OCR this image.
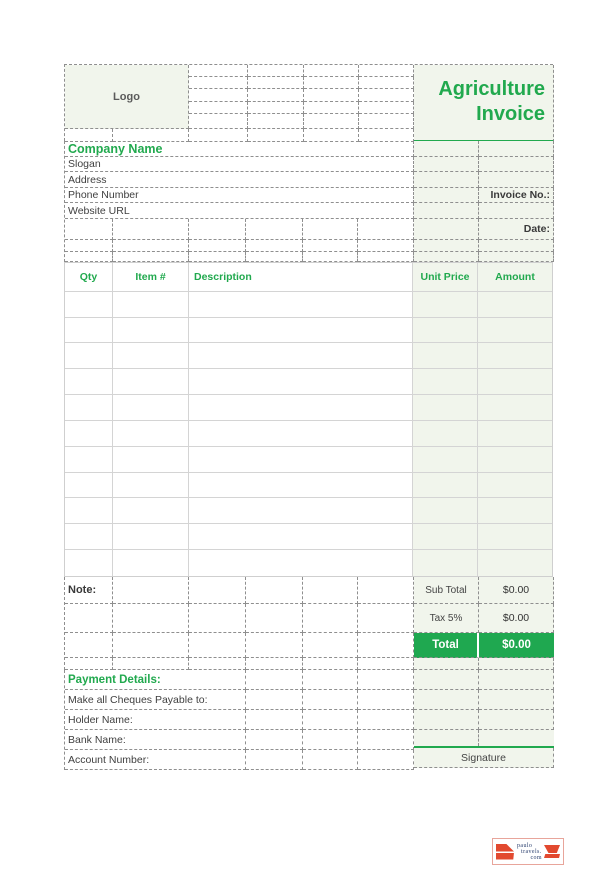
Logo	Agriculture
Invoice
Company Name
Slogan
Address
Phone Number
Website URL
Invoice No.:
Date:
Qty	Item #	Description	Unit Price	Amount
Note:	Sub Total	$0.00
Tax 5%	$0.00
Total	$0.00
Payment Details:
Make all Cheques Payable to:
Holder Name:
Bank Name:
Account Number:	Signature
paulo
travels.
com
